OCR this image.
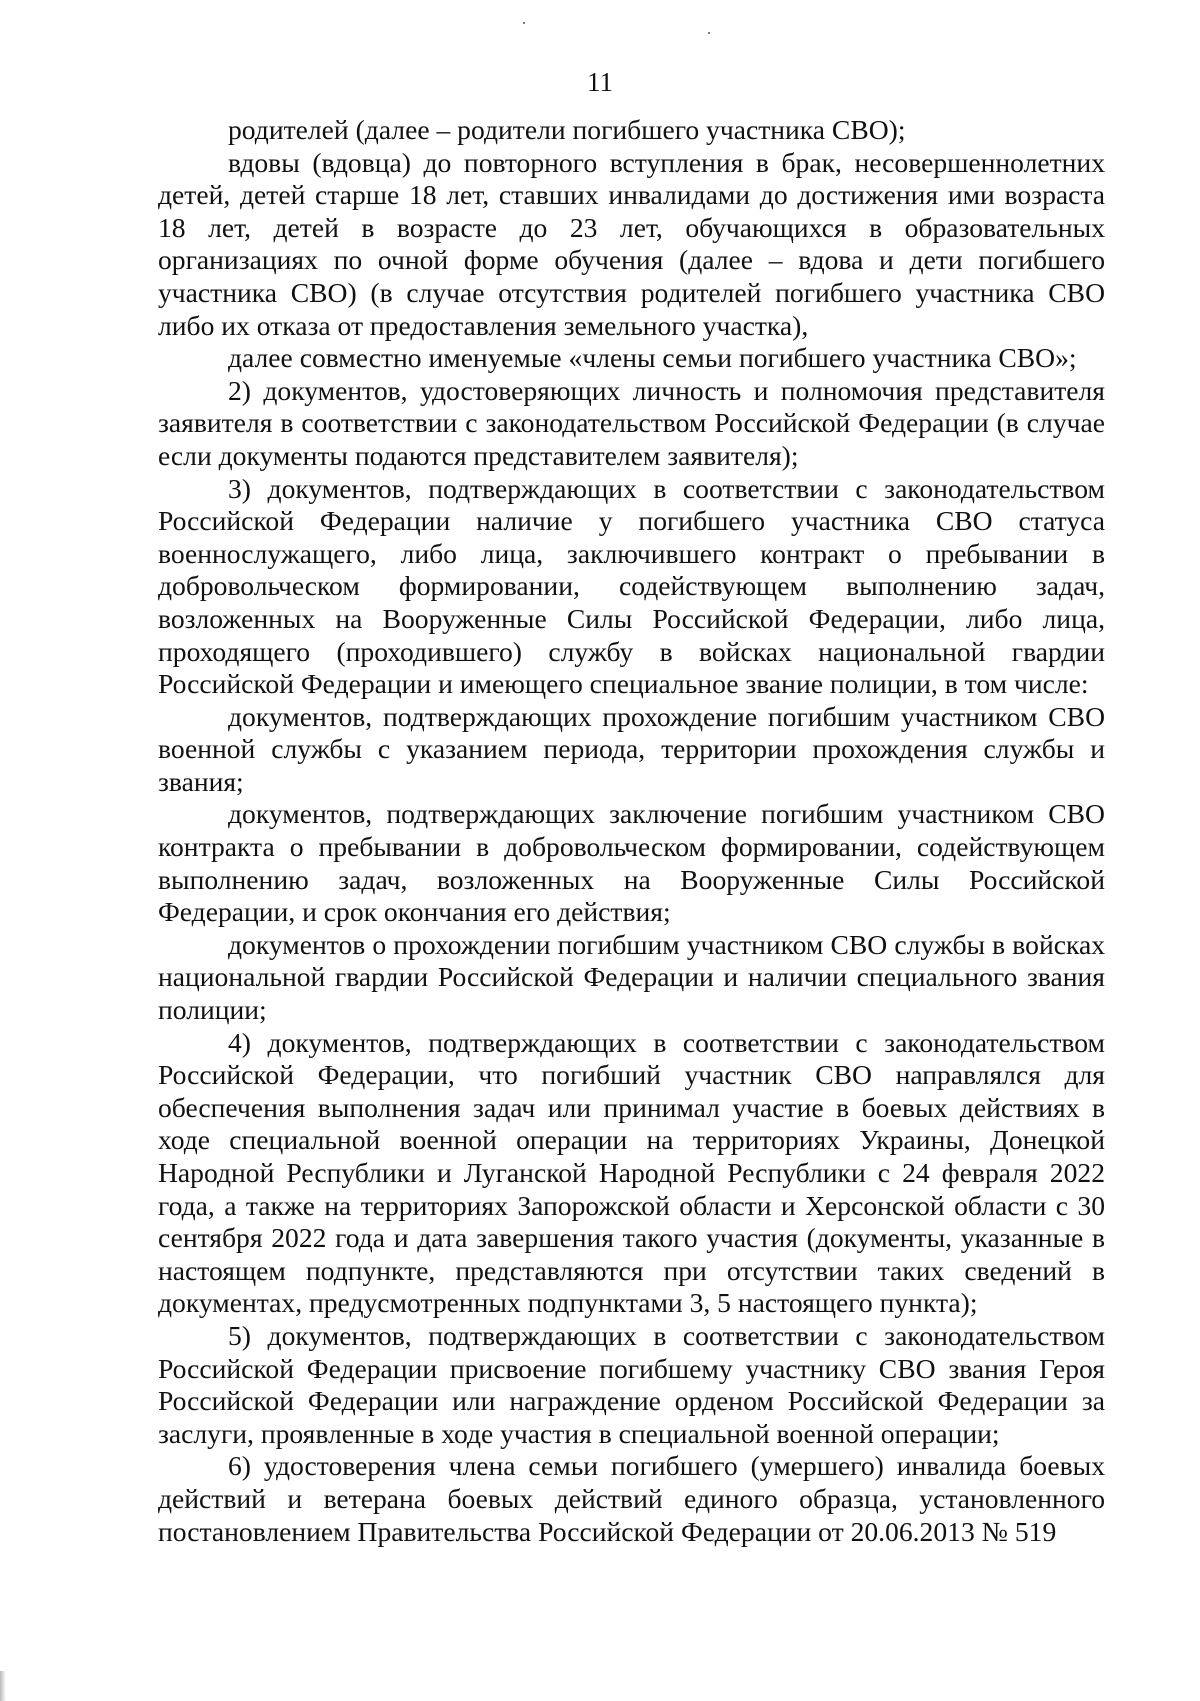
11

родителей (далее – родители погибшего участника СВО);

вдовы (вдовца) до повторного вступления в брак, несовершеннолетних детей, детей старше 18 лет, ставших инвалидами до достижения ими возраста 18 лет, детей в возрасте до 23 лет, обучающихся в образовательных организациях по очной форме обучения (далее – вдова и дети погибшего участника СВО) (в случае отсутствия родителей погибшего участника СВО либо их отказа от предоставления земельного участка),

далее совместно именуемые «члены семьи погибшего участника СВО»;

2) документов, удостоверяющих личность и полномочия представителя заявителя в соответствии с законодательством Российской Федерации (в случае если документы подаются представителем заявителя);

3) документов, подтверждающих в соответствии с законодательством Российской Федерации наличие у погибшего участника СВО статуса военнослужащего, либо лица, заключившего контракт о пребывании в добровольческом формировании, содействующем выполнению задач, возложенных на Вооруженные Силы Российской Федерации, либо лица, проходящего (проходившего) службу в войсках национальной гвардии Российской Федерации и имеющего специальное звание полиции, в том числе:

документов, подтверждающих прохождение погибшим участником СВО военной службы с указанием периода, территории прохождения службы и звания;

документов, подтверждающих заключение погибшим участником СВО контракта о пребывании в добровольческом формировании, содействующем выполнению задач, возложенных на Вооруженные Силы Российской Федерации, и срок окончания его действия;

документов о прохождении погибшим участником СВО службы в войсках национальной гвардии Российской Федерации и наличии специального звания полиции;

4) документов, подтверждающих в соответствии с законодательством Российской Федерации, что погибший участник СВО направлялся для обеспечения выполнения задач или принимал участие в боевых действиях в ходе специальной военной операции на территориях Украины, Донецкой Народной Республики и Луганской Народной Республики с 24 февраля 2022 года, а также на территориях Запорожской области и Херсонской области с 30 сентября 2022 года и дата завершения такого участия (документы, указанные в настоящем подпункте, представляются при отсутствии таких сведений в документах, предусмотренных подпунктами 3, 5 настоящего пункта);

5) документов, подтверждающих в соответствии с законодательством Российской Федерации присвоение погибшему участнику СВО звания Героя Российской Федерации или награждение орденом Российской Федерации за заслуги, проявленные в ходе участия в специальной военной операции;

6) удостоверения члена семьи погибшего (умершего) инвалида боевых действий и ветерана боевых действий единого образца, установленного постановлением Правительства Российской Федерации от 20.06.2013 № 519
